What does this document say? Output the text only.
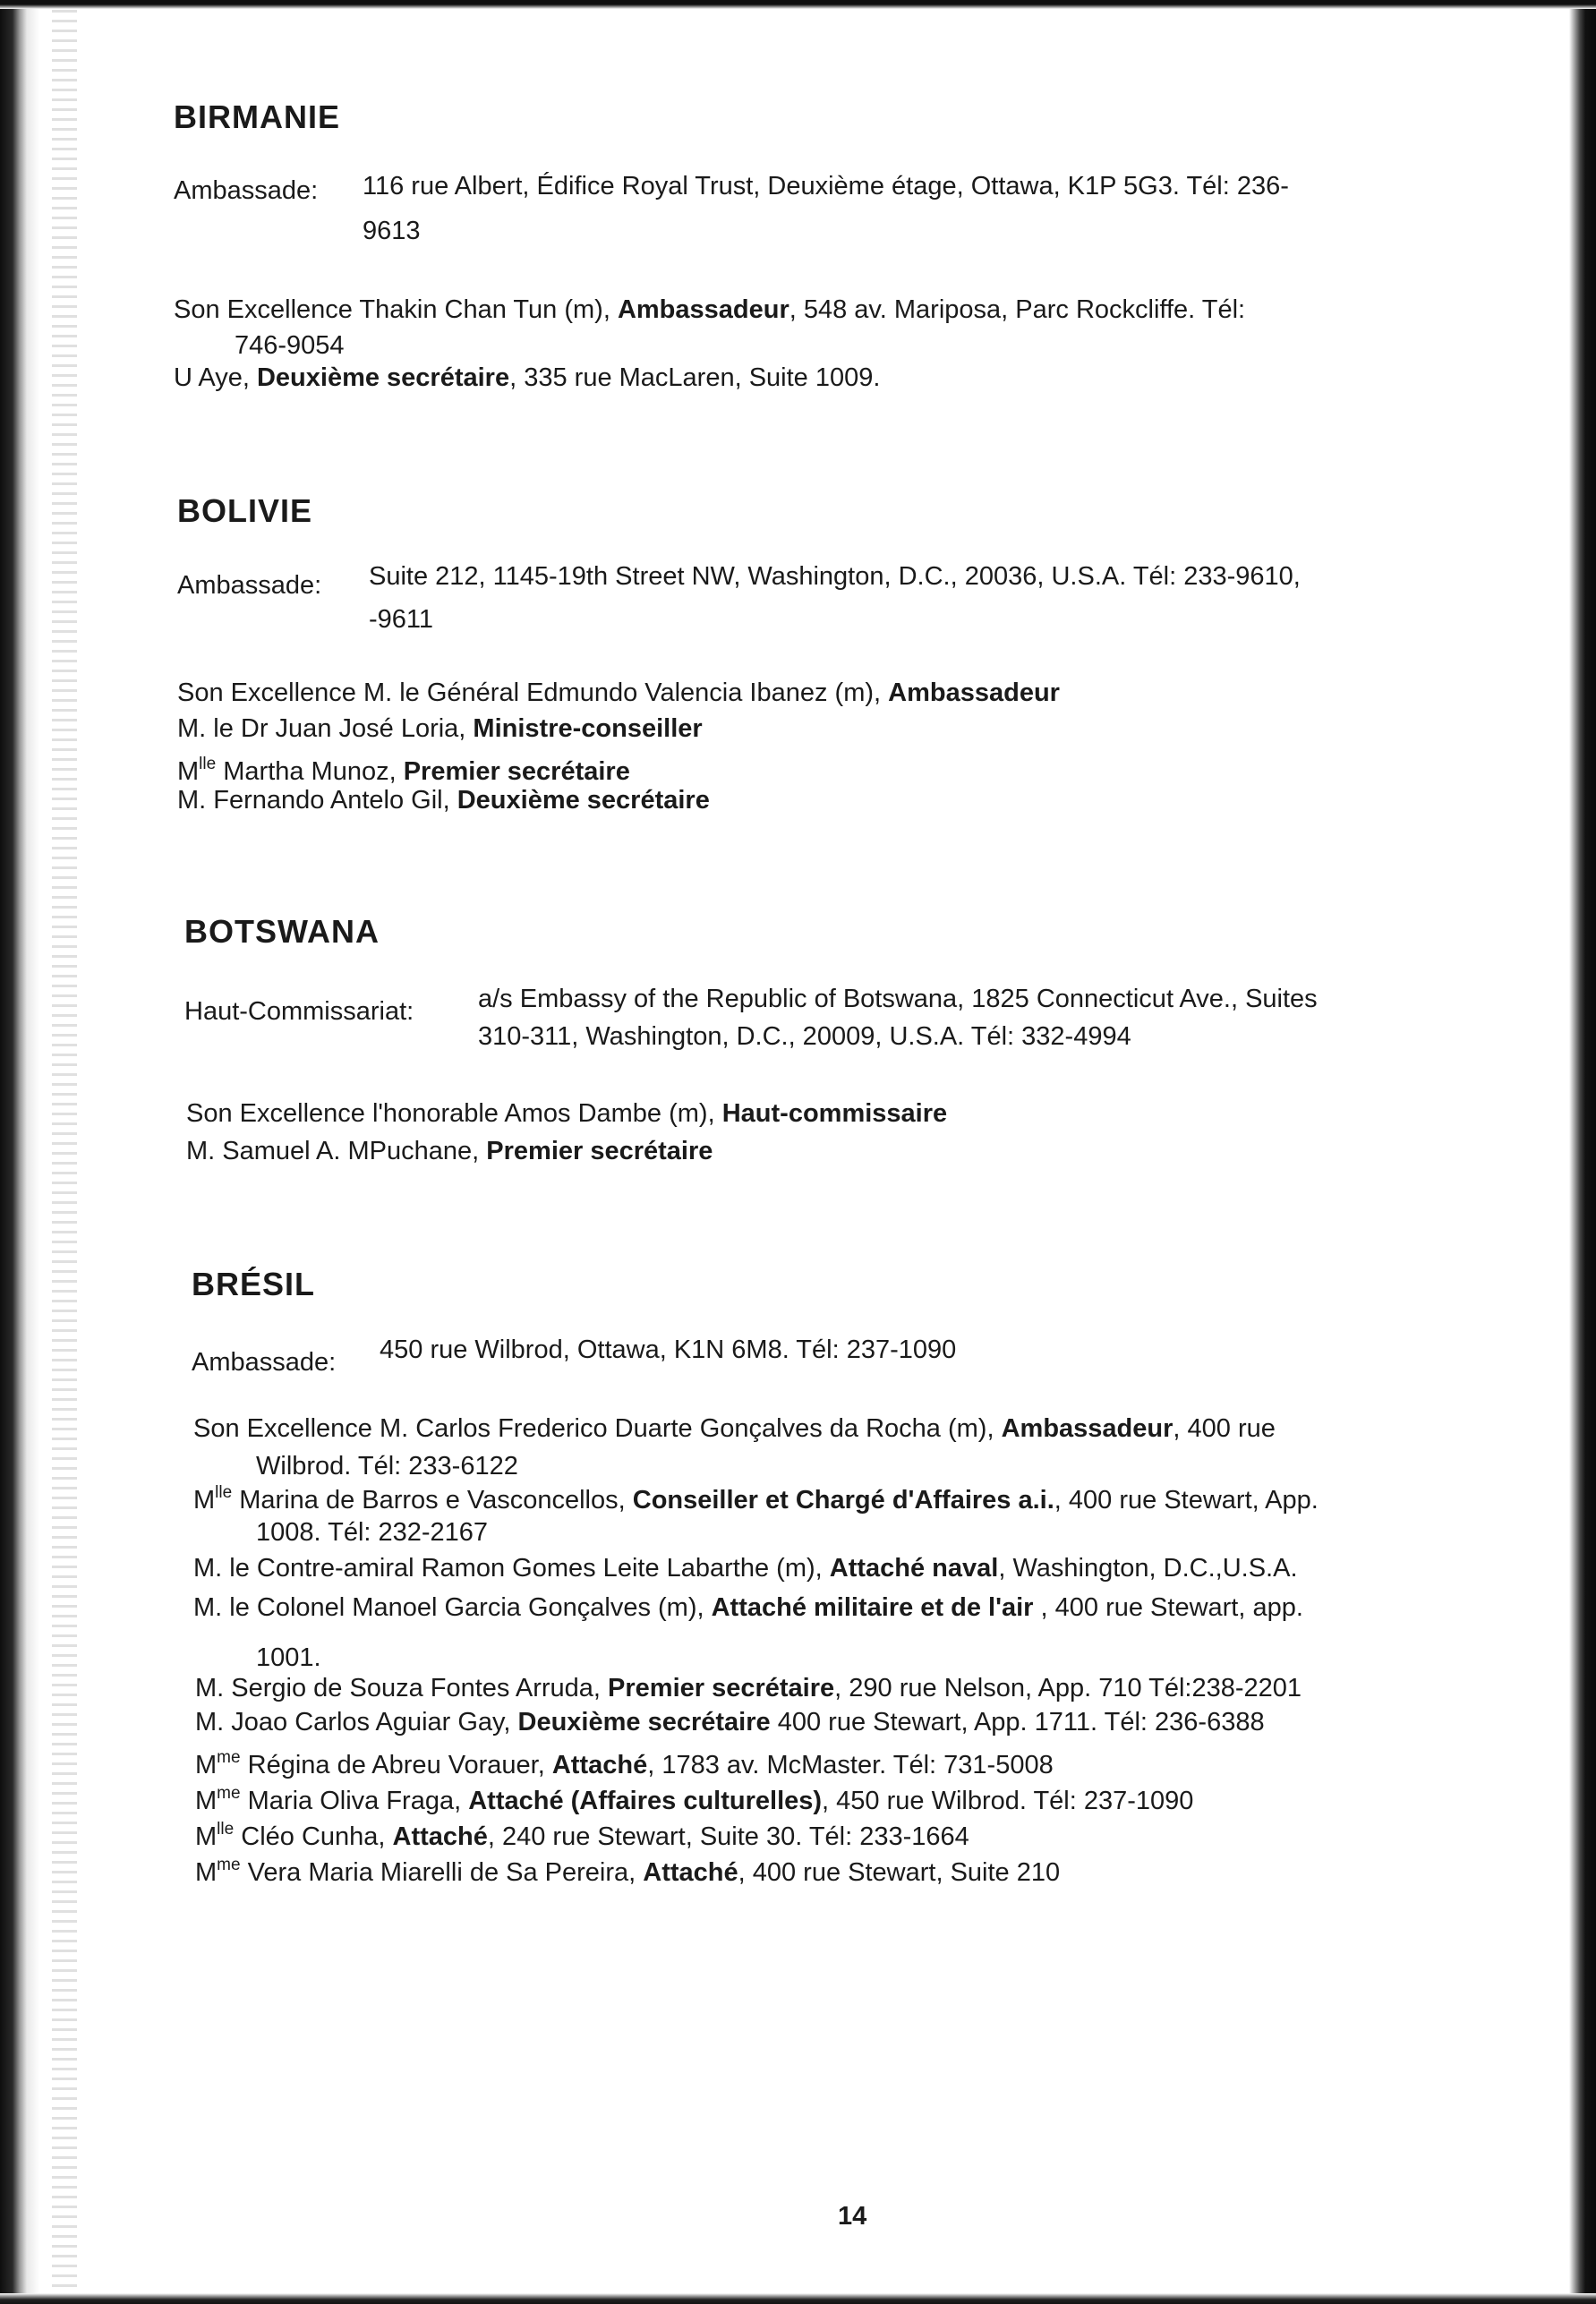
BIRMANIE
Ambassade: 116 rue Albert, Édifice Royal Trust, Deuxième étage, Ottawa, K1P 5G3. Tél: 236-
9613
Son Excellence Thakin Chan Tun (m), Ambassadeur, 548 av. Mariposa, Parc Rockcliffe. Tél:
746-9054
U Aye, Deuxième secrétaire, 335 rue MacLaren, Suite 1009.
BOLIVIE
Ambassade: Suite 212, 1145-19th Street NW, Washington, D.C., 20036, U.S.A. Tél: 233-9610,
-9611
Son Excellence M. le Général Edmundo Valencia Ibanez (m), Ambassadeur
M. le Dr Juan José Loria, Ministre-conseiller
$M^{lle}$ Martha Munoz, Premier secrétaire
M. Fernando Antelo Gil, Deuxième secrétaire
BOTSWANA
Haut-Commissariat: a/s Embassy of the Republic of Botswana, 1825 Connecticut Ave., Suites
310-311, Washington, D.C., 20009, U.S.A. Tél: 332-4994
Son Excellence l'honorable Amos Dambe (m), Haut-commissaire
M. Samuel A. MPuchane, Premier secrétaire
BRÉSIL
Ambassade: 450 rue Wilbrod, Ottawa, K1N 6M8. Tél: 237-1090
Son Excellence M. Carlos Frederico Duarte Gonçalves da Rocha (m), Ambassadeur, 400 rue
Wilbrod. Tél: 233-6122
$M^{lle}$ Marina de Barros e Vasconcellos, Conseiller et Chargé d'Affaires a.i., 400 rue Stewart, App.
1008. Tél: 232-2167
M. le Contre-amiral Ramon Gomes Leite Labarthe (m), Attaché naval, Washington, D.C.,U.S.A.
M. le Colonel Manoel Garcia Gonçalves (m), Attaché militaire et de l'air , 400 rue Stewart, app.
1001.
M. Sergio de Souza Fontes Arruda, Premier secrétaire, 290 rue Nelson, App. 710 Tél:238-2201
M. Joao Carlos Aguiar Gay, Deuxième secrétaire 400 rue Stewart, App. 1711. Tél: 236-6388
$M^{me}$ Régina de Abreu Vorauer, Attaché, 1783 av. McMaster. Tél: 731-5008
$M^{me}$ Maria Oliva Fraga, Attaché (Affaires culturelles), 450 rue Wilbrod. Tél: 237-1090
$M^{lle}$ Cléo Cunha, Attaché, 240 rue Stewart, Suite 30. Tél: 233-1664
$M^{me}$ Vera Maria Miarelli de Sa Pereira, Attaché, 400 rue Stewart, Suite 210
14
